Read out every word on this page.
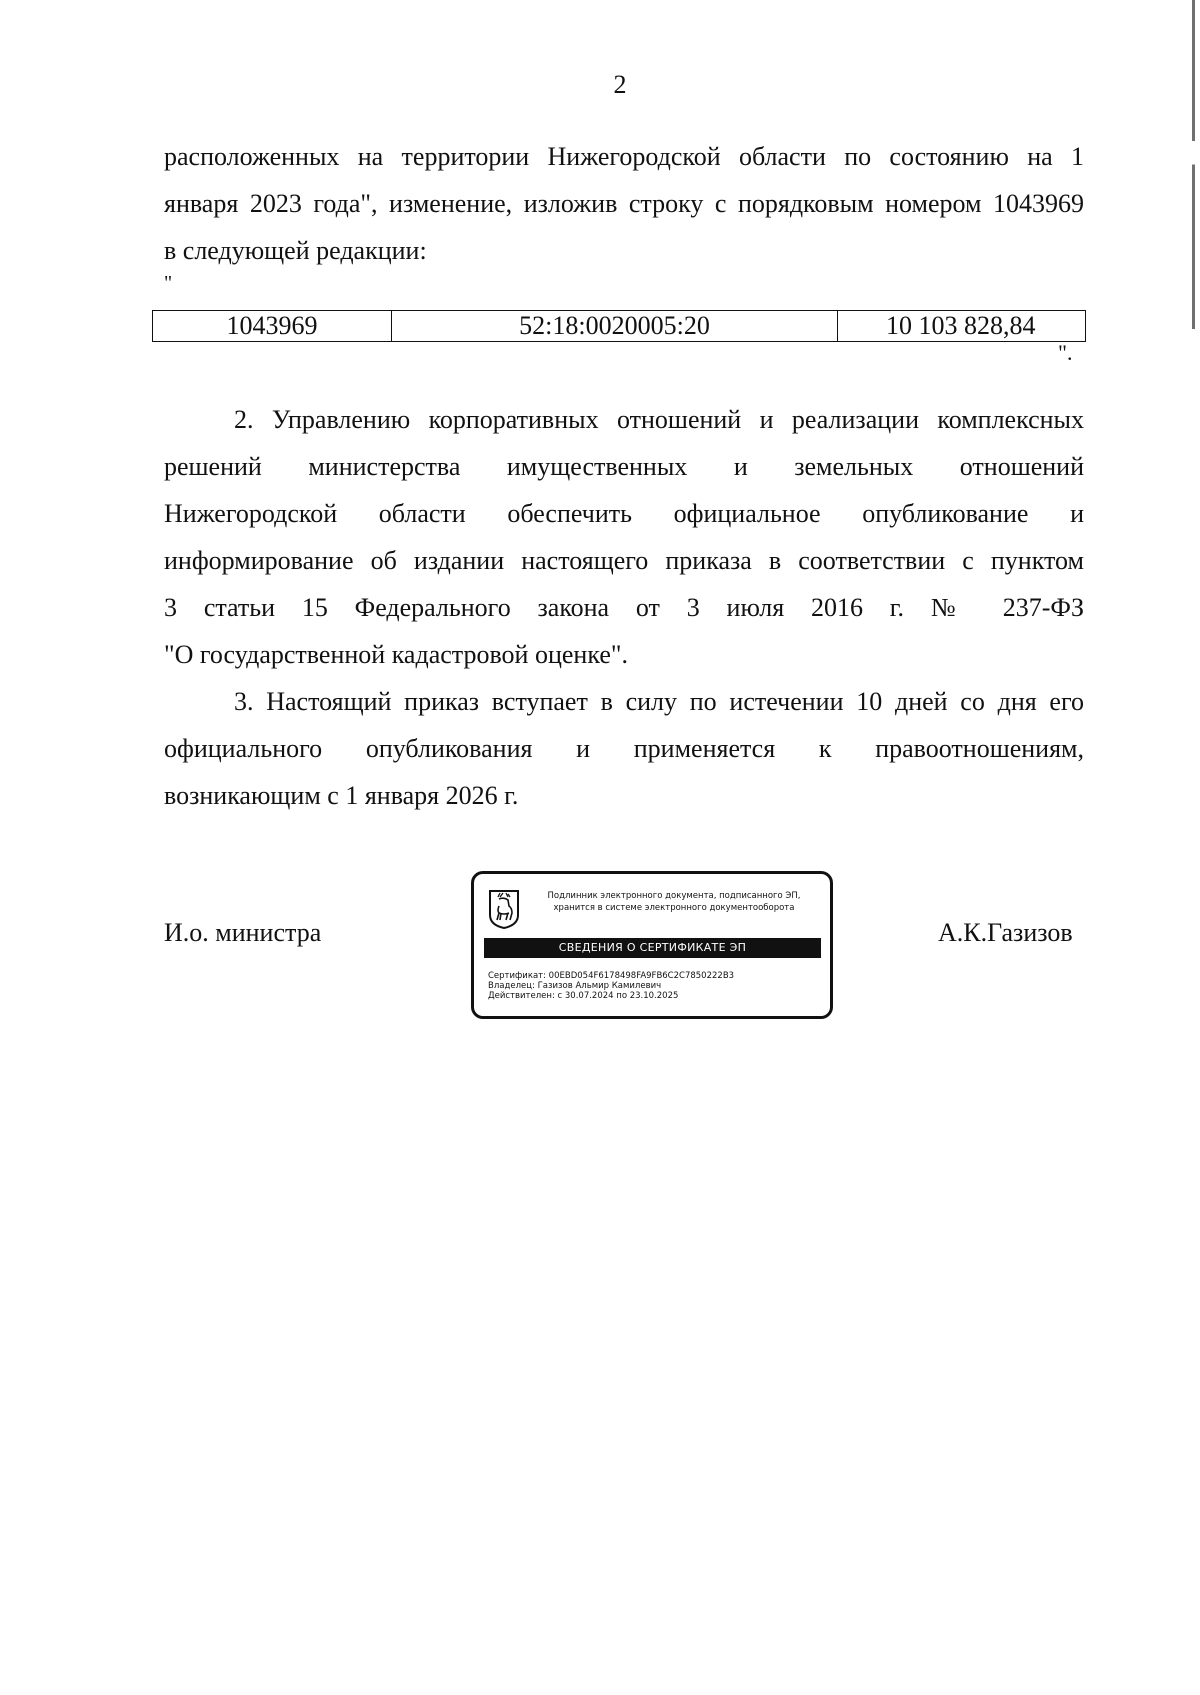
2
расположенных на территории Нижегородской области по состоянию на 1
января 2023 года", изменение, изложив строку с порядковым номером 1043969
в следующей редакции:
"
1043969	52:18:0020005:20	10 103 828,84
".
2. Управлению корпоративных отношений и реализации комплексных
решений министерства имущественных и земельных отношений
Нижегородской области обеспечить официальное опубликование и
информирование об издании настоящего приказа в соответствии с пунктом
3 статьи 15 Федерального закона от 3 июля 2016 г. № 237-ФЗ
"О государственной кадастровой оценке".
3. Настоящий приказ вступает в силу по истечении 10 дней со дня его
официального опубликования и применяется к правоотношениям,
возникающим с 1 января 2026 г.
И.о. министра
Подлинник электронного документа, подписанного ЭП,
хранится в системе электронного документооборота
СВЕДЕНИЯ О СЕРТИФИКАТЕ ЭП
Сертификат: 00EBD054F6178498FA9FB6C2C7850222B3
Владелец: Газизов Альмир Камилевич
Действителен: с 30.07.2024 по 23.10.2025
А.К.Газизов
